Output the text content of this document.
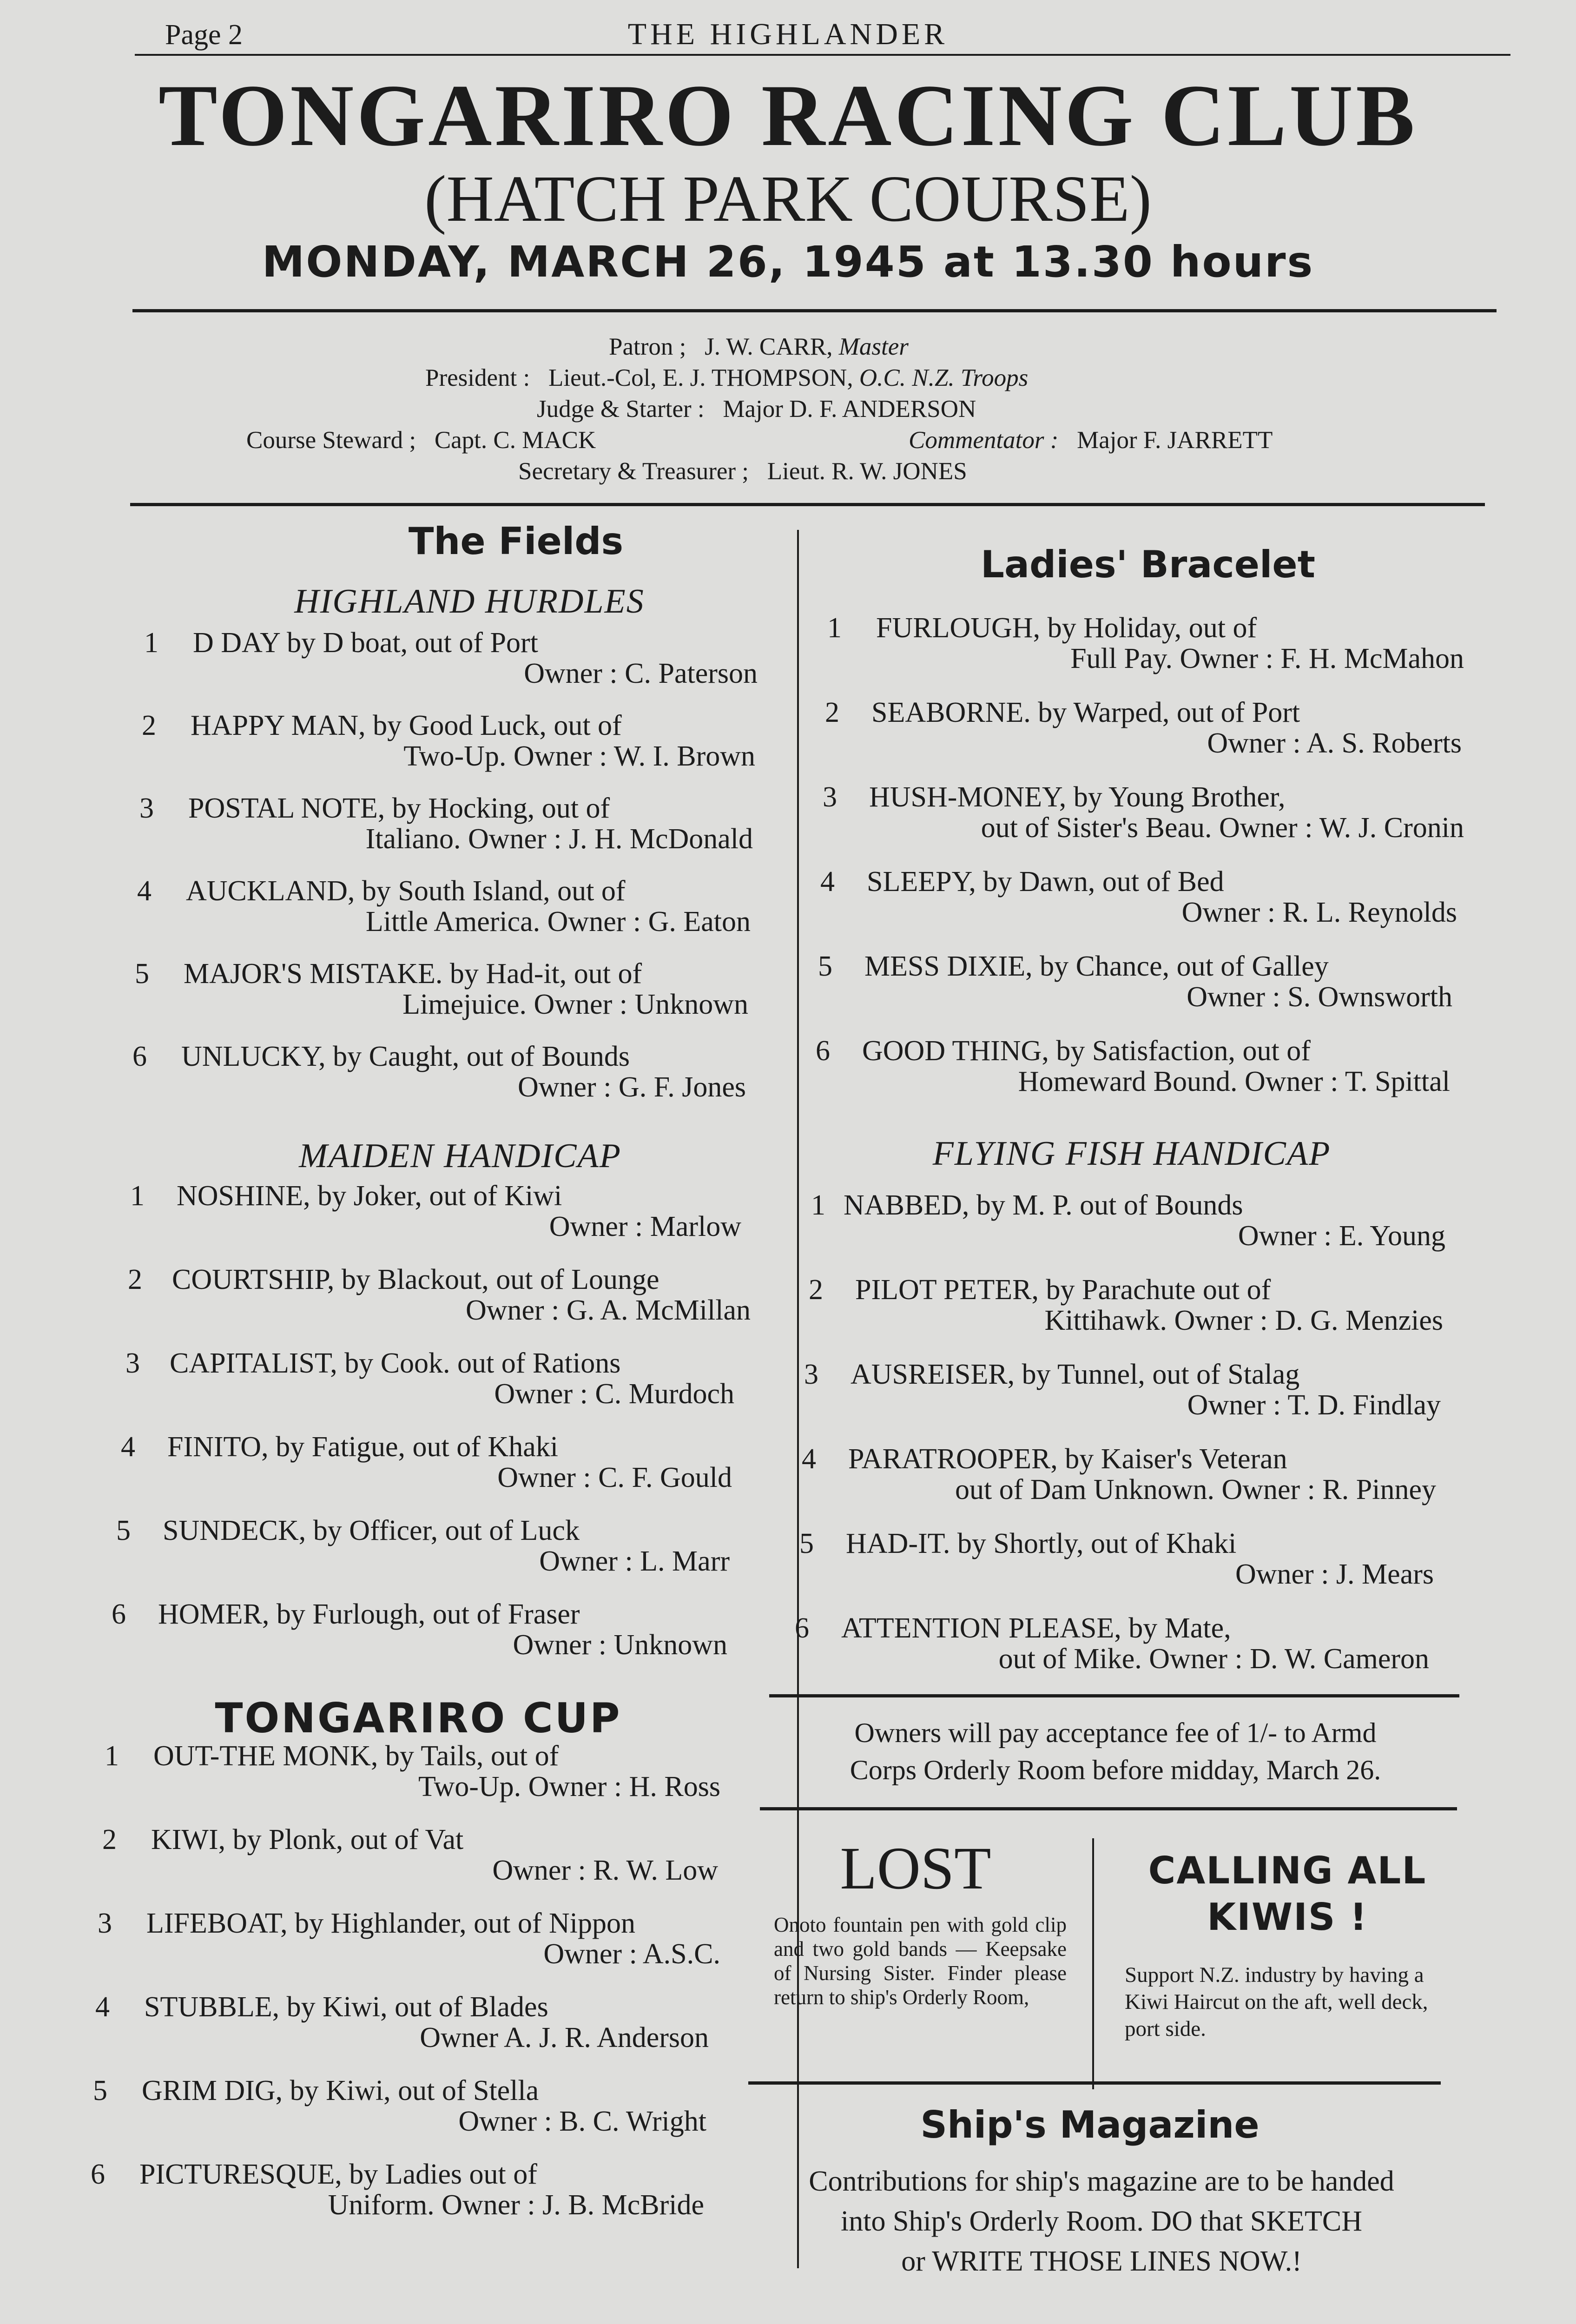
Page 2	THE HIGHLANDER
TONGARIRO RACING CLUB
(HATCH PARK COURSE)
MONDAY, MARCH 26, 1945 at 13.30 hours
Patron ; J. W. CARR, Master
President : Lieut.-Col, E. J. THOMPSON, O.C. N.Z. Troops
Judge & Starter : Major D. F. ANDERSON
Course Steward ; Capt. C. MACK	Commentator : Major F. JARRETT
Secretary & Treasurer ; Lieut. R. W. JONES
The Fields
HIGHLAND HURDLES
1 D DAY by D boat, out of Port
Owner : C. Paterson
2 HAPPY MAN, by Good Luck, out of
Two-Up. Owner : W. I. Brown
3 POSTAL NOTE, by Hocking, out of
Italiano. Owner : J. H. McDonald
4 AUCKLAND, by South Island, out of
Little America. Owner : G. Eaton
5 MAJOR'S MISTAKE. by Had-it, out of
Limejuice. Owner : Unknown
6 UNLUCKY, by Caught, out of Bounds
Owner : G. F. Jones
MAIDEN HANDICAP
1 NOSHINE, by Joker, out of Kiwi
Owner : Marlow
2 COURTSHIP, by Blackout, out of Lounge
Owner : G. A. McMillan
3 CAPITALIST, by Cook. out of Rations
Owner : C. Murdoch
4 FINITO, by Fatigue, out of Khaki
Owner : C. F. Gould
5 SUNDECK, by Officer, out of Luck
Owner : L. Marr
6 HOMER, by Furlough, out of Fraser
Owner : Unknown
TONGARIRO CUP
1 OUT-THE MONK, by Tails, out of
Two-Up. Owner : H. Ross
2 KIWI, by Plonk, out of Vat
Owner : R. W. Low
3 LIFEBOAT, by Highlander, out of Nippon
Owner : A.S.C.
4 STUBBLE, by Kiwi, out of Blades
Owner A. J. R. Anderson
5 GRIM DIG, by Kiwi, out of Stella
Owner : B. C. Wright
6 PICTURESQUE, by Ladies out of
Uniform. Owner : J. B. McBride
Ladies' Bracelet
1 FURLOUGH, by Holiday, out of
Full Pay. Owner : F. H. McMahon
2 SEABORNE. by Warped, out of Port
Owner : A. S. Roberts
3 HUSH-MONEY, by Young Brother,
out of Sister's Beau. Owner : W. J. Cronin
4 SLEEPY, by Dawn, out of Bed
Owner : R. L. Reynolds
5 MESS DIXIE, by Chance, out of Galley
Owner : S. Ownsworth
6 GOOD THING, by Satisfaction, out of
Homeward Bound. Owner : T. Spittal
FLYING FISH HANDICAP
1 NABBED, by M. P. out of Bounds
Owner : E. Young
2 PILOT PETER, by Parachute out of
Kittihawk. Owner : D. G. Menzies
3 AUSREISER, by Tunnel, out of Stalag
Owner : T. D. Findlay
4 PARATROOPER, by Kaiser's Veteran
out of Dam Unknown. Owner : R. Pinney
5 HAD-IT. by Shortly, out of Khaki
Owner : J. Mears
6 ATTENTION PLEASE, by Mate,
out of Mike. Owner : D. W. Cameron
Owners will pay acceptance fee of 1/- to Armd
Corps Orderly Room before midday, March 26.
LOST
Onoto fountain pen with gold clip and two gold bands — Keepsake of Nursing Sister. Finder please return to ship's Orderly Room,
CALLING ALL
KIWIS !
Support N.Z. industry by having a Kiwi Haircut on the aft, well deck, port side.
Ship's Magazine
Contributions for ship's magazine are to be handed
into Ship's Orderly Room. DO that SKETCH
or WRITE THOSE LINES NOW.!
